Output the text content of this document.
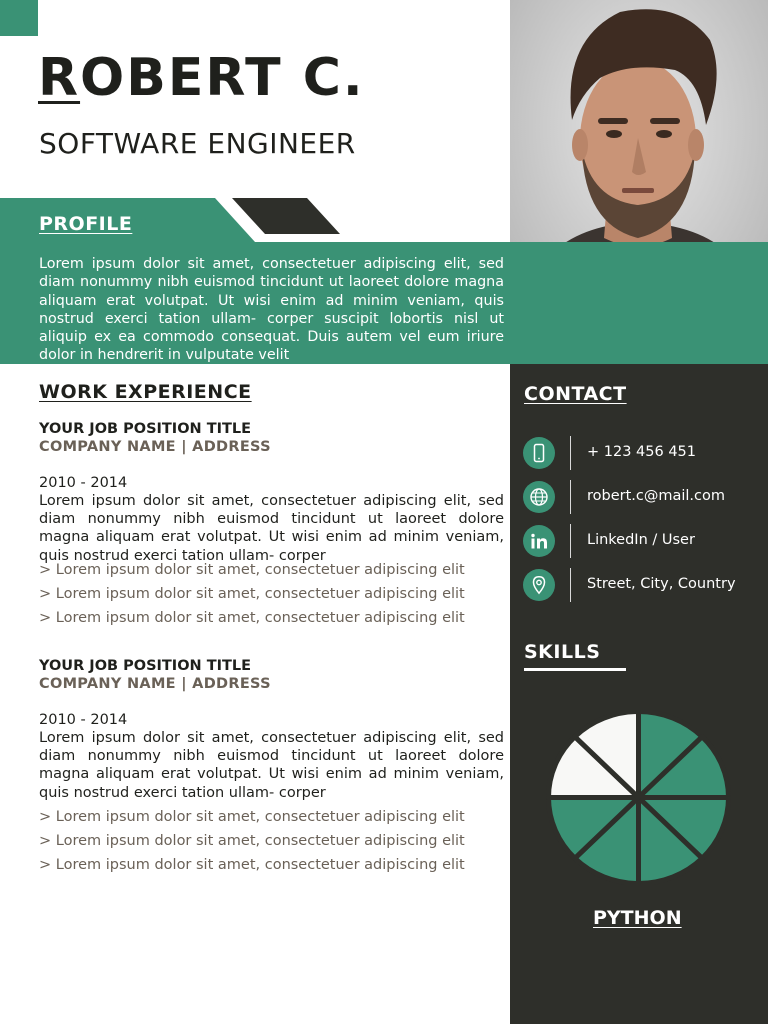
ROBERT C.
SOFTWARE ENGINEER
PROFILE
Lorem ipsum dolor sit amet, consectetuer adipiscing elit, sed diam nonummy nibh euismod tincidunt ut laoreet dolore magna aliquam erat volutpat. Ut wisi enim ad minim veniam, quis nostrud exerci tation ullam- corper suscipit lobortis nisl ut aliquip ex ea commodo consequat. Duis autem vel eum iriure dolor in hendrerit in vulputate velit
WORK EXPERIENCE
YOUR JOB POSITION TITLE
COMPANY NAME | ADDRESS
2010 - 2014
Lorem ipsum dolor sit amet, consectetuer adipiscing elit, sed diam nonummy nibh euismod tincidunt ut laoreet dolore magna aliquam erat volutpat. Ut wisi enim ad minim veniam, quis nostrud exerci tation ullam- corper
> Lorem ipsum dolor sit amet, consectetuer adipiscing elit
> Lorem ipsum dolor sit amet, consectetuer adipiscing elit
> Lorem ipsum dolor sit amet, consectetuer adipiscing elit
YOUR JOB POSITION TITLE
COMPANY NAME | ADDRESS
2010 - 2014
Lorem ipsum dolor sit amet, consectetuer adipiscing elit, sed diam nonummy nibh euismod tincidunt ut laoreet dolore magna aliquam erat volutpat. Ut wisi enim ad minim veniam, quis nostrud exerci tation ullam- corper
> Lorem ipsum dolor sit amet, consectetuer adipiscing elit
> Lorem ipsum dolor sit amet, consectetuer adipiscing elit
> Lorem ipsum dolor sit amet, consectetuer adipiscing elit
CONTACT
+ 123 456 451
robert.c@mail.com
LinkedIn / User
Street, City, Country
SKILLS
PYTHON
